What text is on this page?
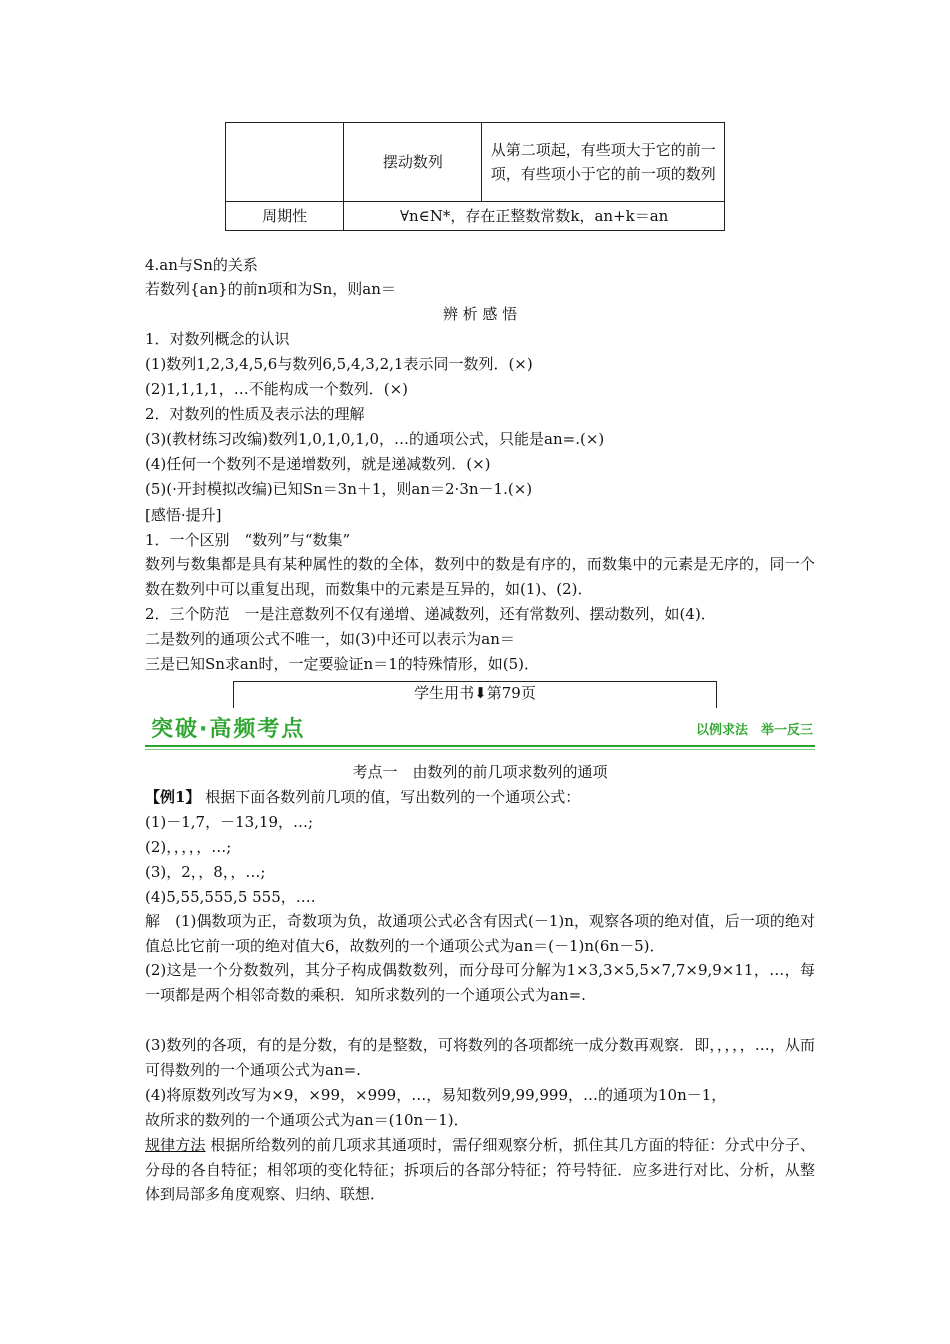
	摆动数列	从第二项起，有些项大于它的前一项，有些项小于它的前一项的数列
周期性	∀n∈N*，存在正整数常数k，an+k＝an	
4.an与Sn的关系
若数列{an}的前n项和为Sn，则an＝
辨 析 感 悟
1．对数列概念的认识
(1)数列1,2,3,4,5,6与数列6,5,4,3,2,1表示同一数列．(×)
(2)1,1,1,1，…不能构成一个数列．(×)
2．对数列的性质及表示法的理解
(3)(教材练习改编)数列1,0,1,0,1,0，…的通项公式，只能是an=.(×)
(4)任何一个数列不是递增数列，就是递减数列．(×)
(5)(·开封模拟改编)已知Sn＝3n＋1，则an＝2·3n－1.(×)
[感悟·提升]
1．一个区别　“数列”与“数集”
数列与数集都是具有某种属性的数的全体，数列中的数是有序的，而数集中的元素是无序的，同一个数在数列中可以重复出现，而数集中的元素是互异的，如(1)、(2)．
2．三个防范　一是注意数列不仅有递增、递减数列，还有常数列、摆动数列，如(4)．
二是数列的通项公式不唯一，如(3)中还可以表示为an＝
三是已知Sn求an时，一定要验证n＝1的特殊情形，如(5)．
学生用书⬇第79页
突破·高频考点	以例求法　举一反三
考点一　由数列的前几项求数列的通项
【例1】 根据下面各数列前几项的值，写出数列的一个通项公式：
(1)－1,7，－13,19，…;
(2)，，，，，…;
(3)，2，，8，，…;
(4)5,55,555,5 555，….
解　(1)偶数项为正，奇数项为负，故通项公式必含有因式(－1)n，观察各项的绝对值，后一项的绝对值总比它前一项的绝对值大6，故数列的一个通项公式为an＝(－1)n(6n－5)．
(2)这是一个分数数列，其分子构成偶数数列，而分母可分解为1×3,3×5,5×7,7×9,9×11，…，每一项都是两个相邻奇数的乘积．知所求数列的一个通项公式为an=.
(3)数列的各项，有的是分数，有的是整数，可将数列的各项都统一成分数再观察．即，，，，，…，从而可得数列的一个通项公式为an=.
(4)将原数列改写为×9，×99，×999，…，易知数列9,99,999，…的通项为10n－1，
故所求的数列的一个通项公式为an＝(10n－1)．
规律方法 根据所给数列的前几项求其通项时，需仔细观察分析，抓住其几方面的特征：分式中分子、分母的各自特征；相邻项的变化特征；拆项后的各部分特征；符号特征．应多进行对比、分析，从整体到局部多角度观察、归纳、联想．
